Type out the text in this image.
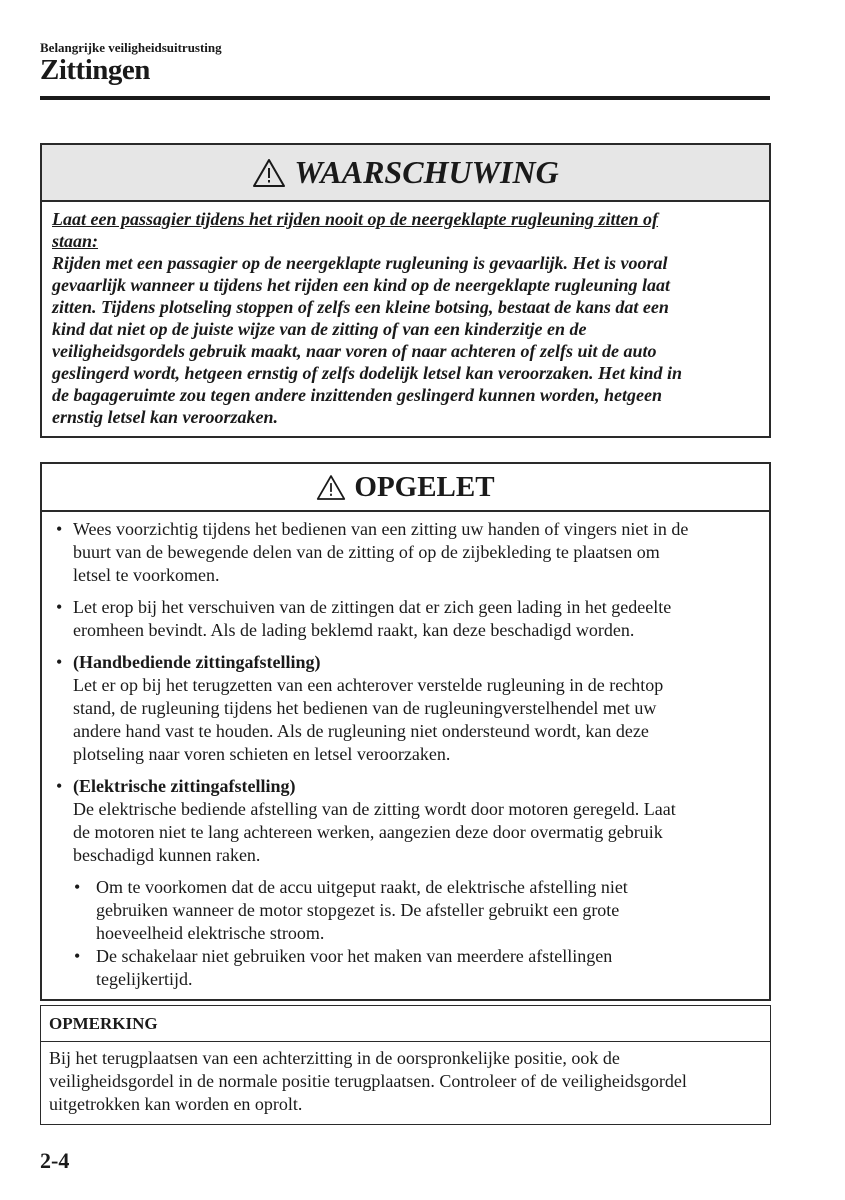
Belangrijke veiligheidsuitrusting
Zittingen
WAARSCHUWING
Laat een passagier tijdens het rijden nooit op de neergeklapte rugleuning zitten of
staan:
Rijden met een passagier op de neergeklapte rugleuning is gevaarlijk. Het is vooral
gevaarlijk wanneer u tijdens het rijden een kind op de neergeklapte rugleuning laat
zitten. Tijdens plotseling stoppen of zelfs een kleine botsing, bestaat de kans dat een
kind dat niet op de juiste wijze van de zitting of van een kinderzitje en de
veiligheidsgordels gebruik maakt, naar voren of naar achteren of zelfs uit de auto
geslingerd wordt, hetgeen ernstig of zelfs dodelijk letsel kan veroorzaken. Het kind in
de bagageruimte zou tegen andere inzittenden geslingerd kunnen worden, hetgeen
ernstig letsel kan veroorzaken.
OPGELET
• Wees voorzichtig tijdens het bedienen van een zitting uw handen of vingers niet in de
buurt van de bewegende delen van de zitting of op de zijbekleding te plaatsen om
letsel te voorkomen.
• Let erop bij het verschuiven van de zittingen dat er zich geen lading in het gedeelte
eromheen bevindt. Als de lading beklemd raakt, kan deze beschadigd worden.
• (Handbediende zittingafstelling)
Let er op bij het terugzetten van een achterover verstelde rugleuning in de rechtop
stand, de rugleuning tijdens het bedienen van de rugleuningverstelhendel met uw
andere hand vast te houden. Als de rugleuning niet ondersteund wordt, kan deze
plotseling naar voren schieten en letsel veroorzaken.
• (Elektrische zittingafstelling)
De elektrische bediende afstelling van de zitting wordt door motoren geregeld. Laat
de motoren niet te lang achtereen werken, aangezien deze door overmatig gebruik
beschadigd kunnen raken.
• Om te voorkomen dat de accu uitgeput raakt, de elektrische afstelling niet
gebruiken wanneer de motor stopgezet is. De afsteller gebruikt een grote
hoeveelheid elektrische stroom.
• De schakelaar niet gebruiken voor het maken van meerdere afstellingen
tegelijkertijd.
OPMERKING
Bij het terugplaatsen van een achterzitting in de oorspronkelijke positie, ook de
veiligheidsgordel in de normale positie terugplaatsen. Controleer of de veiligheidsgordel
uitgetrokken kan worden en oprolt.
2-4
